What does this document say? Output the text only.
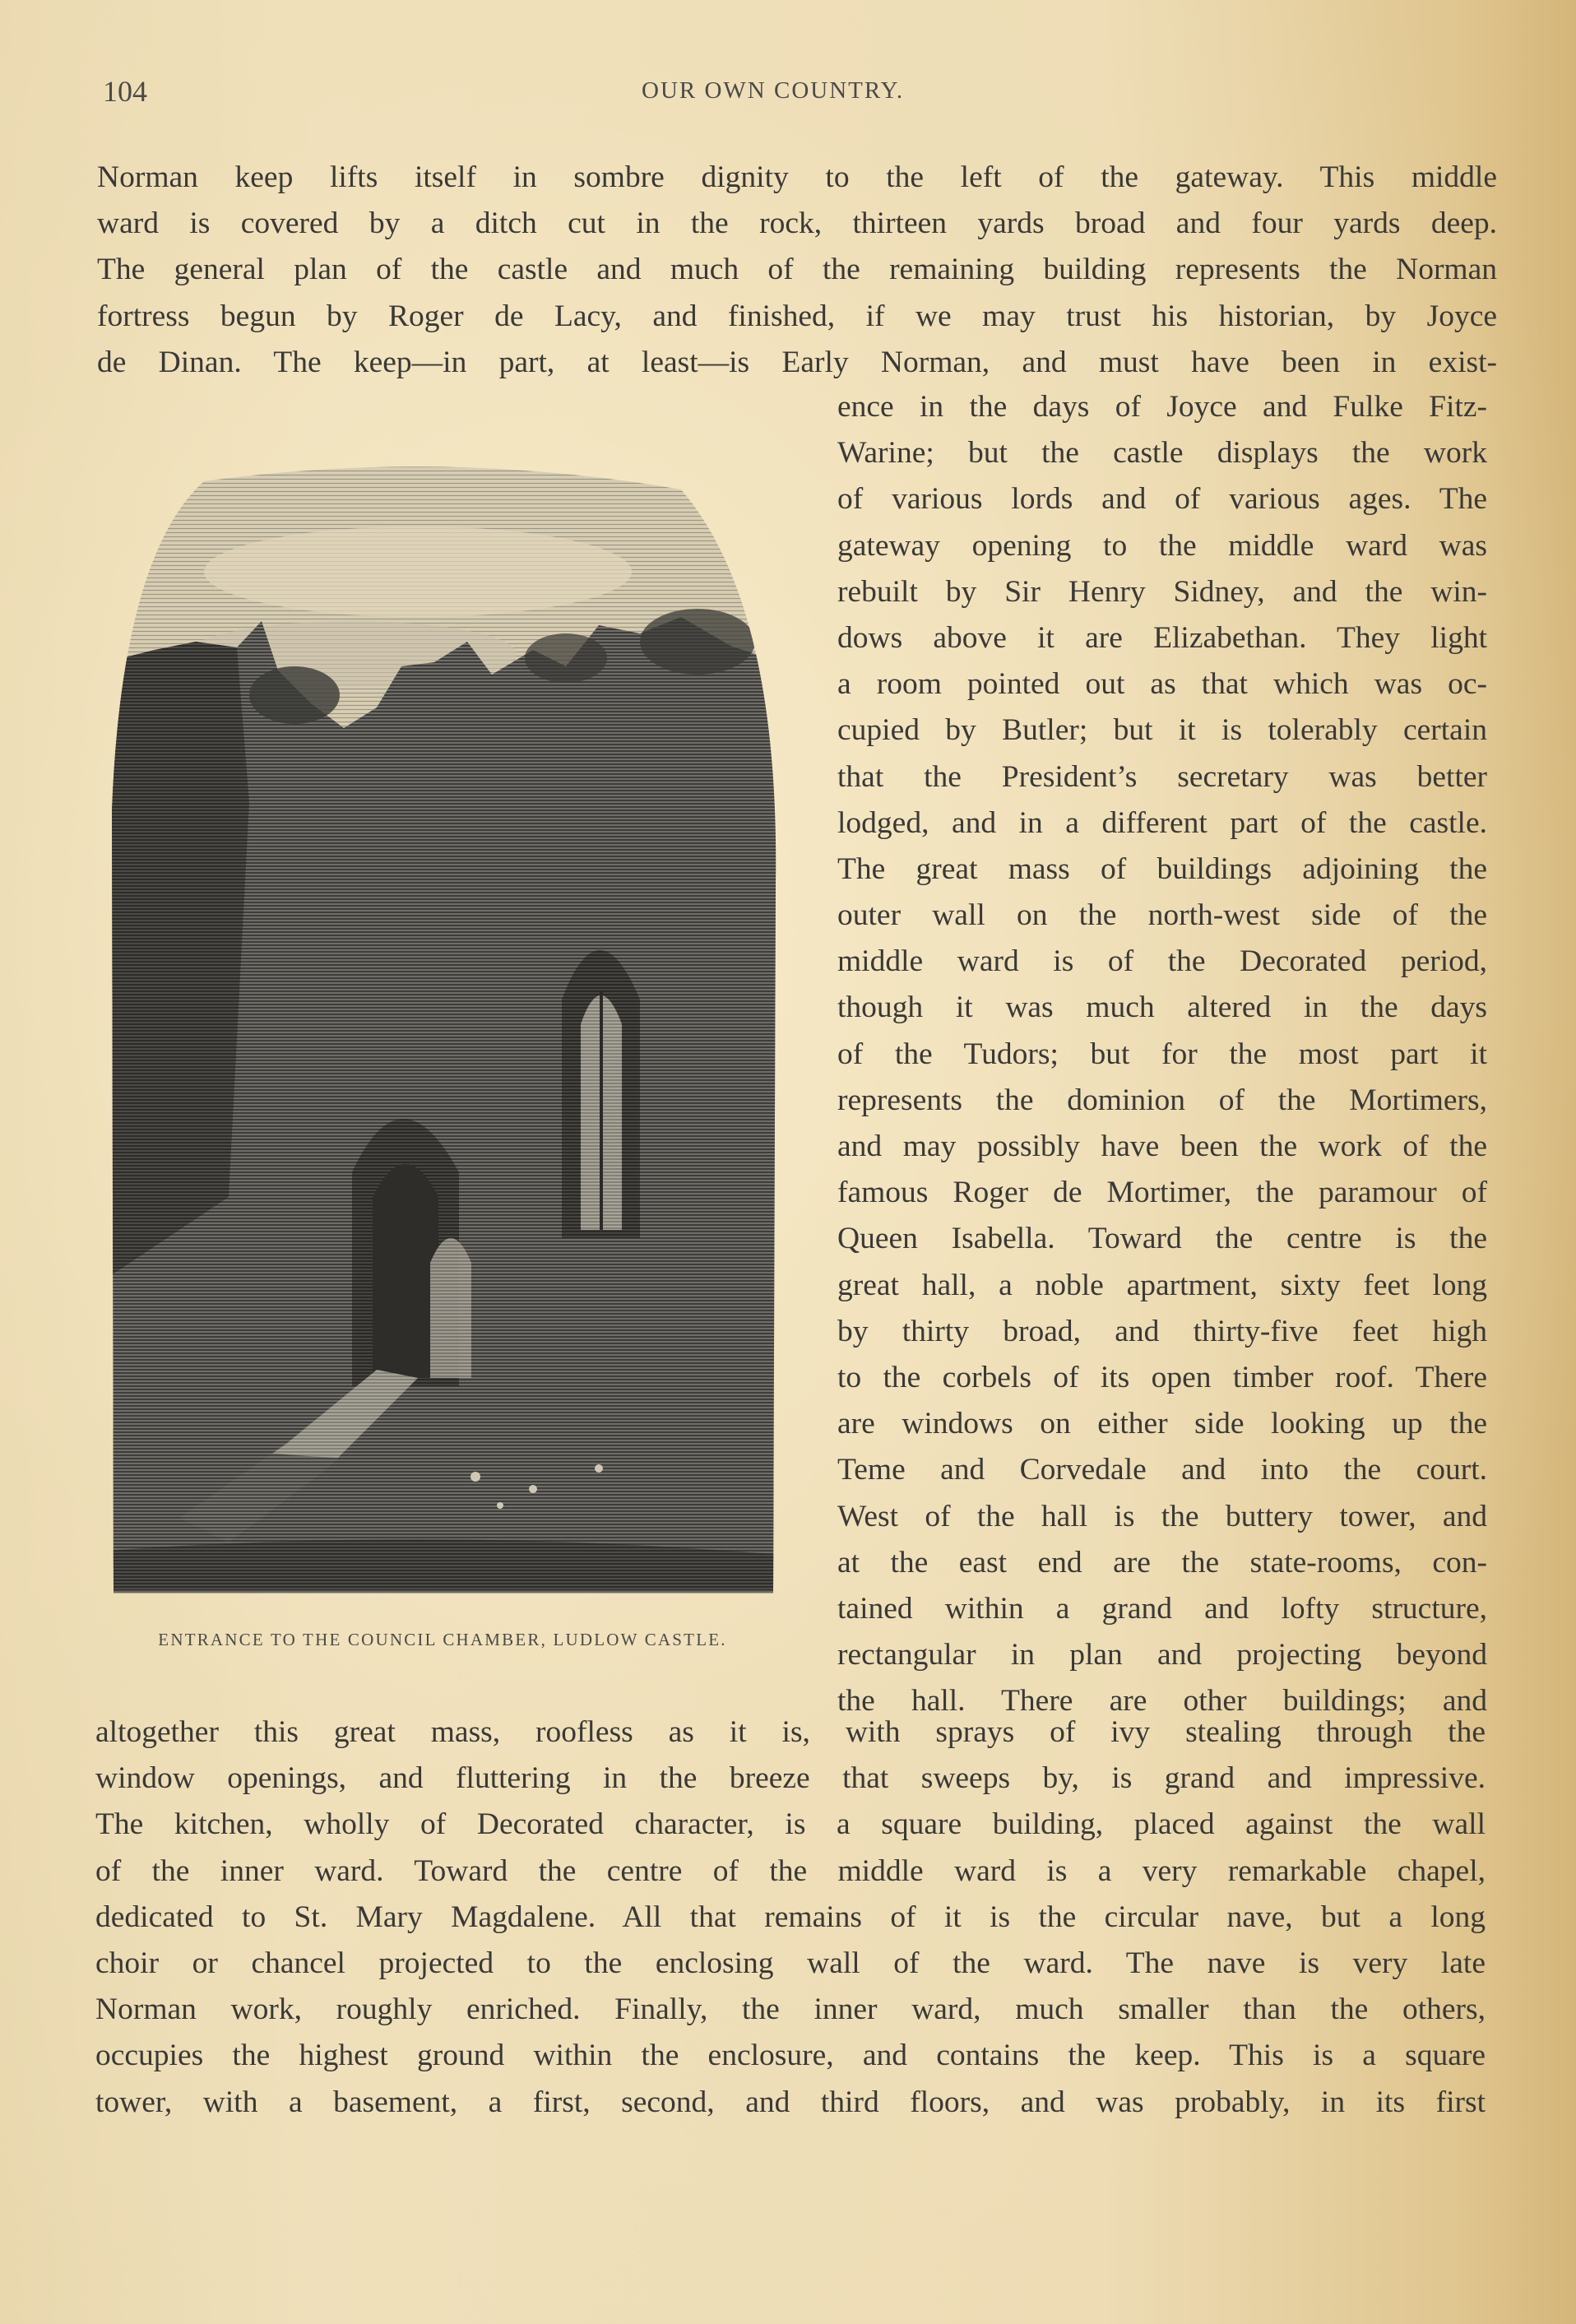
104	OUR OWN COUNTRY.
Norman keep lifts itself in sombre dignity to the left of the gateway. This middle
ward is covered by a ditch cut in the rock, thirteen yards broad and four yards deep.
The general plan of the castle and much of the remaining building represents the Norman
fortress begun by Roger de Lacy, and finished, if we may trust his historian, by Joyce
de Dinan. The keep—in part, at least—is Early Norman, and must have been in exist-
ENTRANCE TO THE COUNCIL CHAMBER, LUDLOW CASTLE.
ence in the days of Joyce and Fulke Fitz-
Warine; but the castle displays the work
of various lords and of various ages. The
gateway opening to the middle ward was
rebuilt by Sir Henry Sidney, and the win-
dows above it are Elizabethan. They light
a room pointed out as that which was oc-
cupied by Butler; but it is tolerably certain
that the President’s secretary was better
lodged, and in a different part of the castle.
The great mass of buildings adjoining the
outer wall on the north-west side of the
middle ward is of the Decorated period,
though it was much altered in the days
of the Tudors; but for the most part it
represents the dominion of the Mortimers,
and may possibly have been the work of the
famous Roger de Mortimer, the paramour of
Queen Isabella. Toward the centre is the
great hall, a noble apartment, sixty feet long
by thirty broad, and thirty-five feet high
to the corbels of its open timber roof. There
are windows on either side looking up the
Teme and Corvedale and into the court.
West of the hall is the buttery tower, and
at the east end are the state-rooms, con-
tained within a grand and lofty structure,
rectangular in plan and projecting beyond
the hall. There are other buildings; and
altogether this great mass, roofless as it is, with sprays of ivy stealing through the
window openings, and fluttering in the breeze that sweeps by, is grand and impressive.
The kitchen, wholly of Decorated character, is a square building, placed against the wall
of the inner ward. Toward the centre of the middle ward is a very remarkable chapel,
dedicated to St. Mary Magdalene. All that remains of it is the circular nave, but a long
choir or chancel projected to the enclosing wall of the ward. The nave is very late
Norman work, roughly enriched. Finally, the inner ward, much smaller than the others,
occupies the highest ground within the enclosure, and contains the keep. This is a square
tower, with a basement, a first, second, and third floors, and was probably, in its first
